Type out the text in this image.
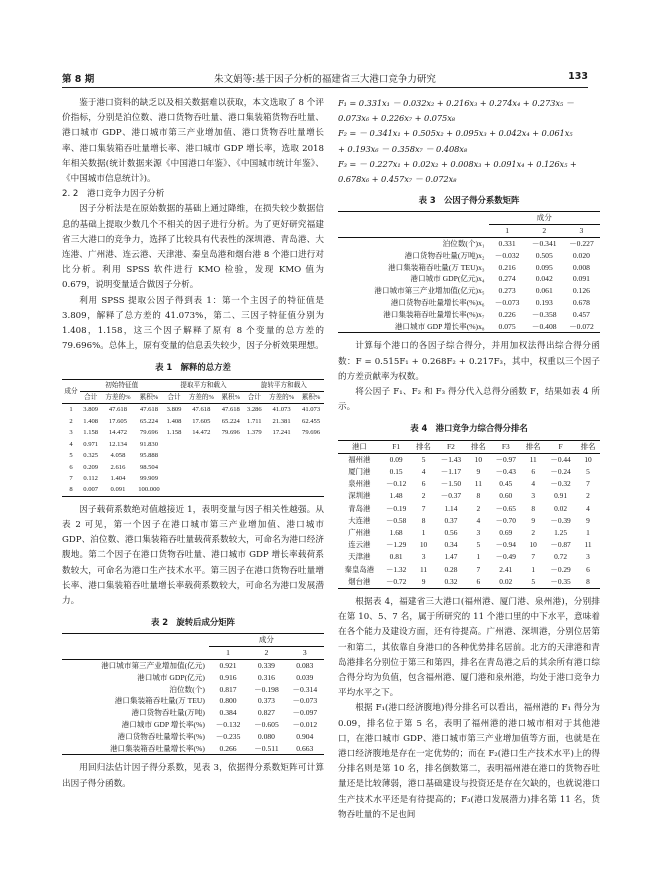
第 8 期	朱文娟等:基于因子分析的福建省三大港口竞争力研究	133

鉴于港口资料的缺乏以及相关数据难以获取，本文选取了 8 个评价指标，分别是泊位数、港口货物吞吐量、港口集装箱货物吞吐量、港口城市 GDP、港口城市第三产业增加值、港口货物吞吐量增长率、港口集装箱吞吐量增长率、港口城市 GDP 增长率，选取 2018 年相关数据(统计数据来源《中国港口年鉴》、《中国城市统计年鉴》、《中国城市信息统计》)。

2. 2　港口竞争力因子分析

因子分析法是在原始数据的基础上通过降维，在损失较少数据信息的基础上提取少数几个不相关的因子进行分析。为了更好研究福建省三大港口的竞争力，选择了比较具有代表性的深圳港、青岛港、大连港、广州港、连云港、天津港、秦皇岛港和烟台港 8 个港口进行对比分析。利用 SPSS 软件进行 KMO 检验，发现 KMO 值为 0.679，说明变量适合做因子分析。

利用 SPSS 提取公因子得到表 1：第一个主因子的特征值是 3.809，解释了总方差的 41.073%，第二、三因子特征值分别为 1.408，1.158，这三个因子解释了原有 8 个变量的总方差的 79.696%。总体上，原有变量的信息丢失较少，因子分析效果理想。

表 1　解释的总方差
成分	初始特征值			提取平方和载入			旋转平方和载入		
	合计	方差的%	累积%	合计	方差的%	累积%	合计	方差的%	累积%
1	3.809	47.618	47.618	3.809	47.618	47.618	3.286	41.073	41.073
2	1.408	17.605	65.224	1.408	17.605	65.224	1.711	21.381	62.455
3	1.158	14.472	79.696	1.158	14.472	79.696	1.379	17.241	79.696
4	0.971	12.134	91.830						
5	0.325	4.058	95.888						
6	0.209	2.616	98.504						
7	0.112	1.404	99.909						
8	0.007	0.091	100.000						

因子载荷系数绝对值越接近 1，表明变量与因子相关性越强。从表 2 可见，第一个因子在港口城市第三产业增加值、港口城市 GDP、泊位数、港口集装箱吞吐量载荷系数较大，可命名为港口经济腹地。第二个因子在港口货物吞吐量、港口城市 GDP 增长率载荷系数较大，可命名为港口生产技术水平。第三因子在港口货物吞吐量增长率、港口集装箱吞吐量增长率载荷系数较大，可命名为港口发展潜力。

表 2　旋转后成分矩阵
	成分		
	1	2	3
港口城市第三产业增加值(亿元)	0.921	0.339	0.083
港口城市 GDP(亿元)	0.916	0.316	0.039
泊位数(个)	0.817	－0.198	－0.314
港口集装箱吞吐量(万 TEU)	0.800	0.373	－0.073
港口货物吞吐量(万吨)	0.384	0.827	－0.097
港口城市 GDP 增长率(%)	－0.132	－0.605	－0.012
港口货物吞吐量增长率(%)	－0.235	0.080	0.904
港口集装箱吞吐量增长率(%)	0.266	－0.511	0.663

用回归法估计因子得分系数，见表 3，依据得分系数矩阵可计算出因子得分函数。

F₁ = 0.331x₁ － 0.032x₂ + 0.216x₃ + 0.274x₄ + 0.273x₅ －
0.073x₆ + 0.226x₇ + 0.075x₈

F₂ = － 0.341x₁ + 0.505x₂ + 0.095x₃ + 0.042x₄ + 0.061x₅
+ 0.193x₆ － 0.358x₇ － 0.408x₈

F₃ = － 0.227x₁ + 0.02x₂ + 0.008x₃ + 0.091x₄ + 0.126x₅ +
0.678x₆ + 0.457x₇ － 0.072x₈

表 3　公因子得分系数矩阵
	成分		
	1	2	3
泊位数(个)x₁	0.331	－0.341	－0.227
港口货物吞吐量(万吨)x₂	－0.032	0.505	0.020
港口集装箱吞吐量(万 TEU)x₃	0.216	0.095	0.008
港口城市 GDP(亿元)x₄	0.274	0.042	0.091
港口城市第三产业增加值(亿元)x₅	0.273	0.061	0.126
港口货物吞吐量增长率(%)x₆	－0.073	0.193	0.678
港口集装箱吞吐量增长率(%)x₇	0.226	－0.358	0.457
港口城市 GDP 增长率(%)x₈	0.075	－0.408	－0.072

计算每个港口的各因子综合得分，并用加权法得出综合得分函数：F = 0.515F₁ + 0.268F₂ + 0.217F₃，其中，权重以三个因子的方差贡献率为权数。

将公因子 F₁、F₂ 和 F₃ 得分代入总得分函数 F，结果如表 4 所示。

表 4　港口竞争力综合得分排名
港口	F1	排名	F2	排名	F3	排名	F	排名
福州港	0.09	5	－1.43	10	－0.97	11	－0.44	10
厦门港	0.15	4	－1.17	9	－0.43	6	－0.24	5
泉州港	－0.12	6	－1.50	11	0.45	4	－0.32	7
深圳港	1.48	2	－0.37	8	0.60	3	0.91	2
青岛港	－0.19	7	1.14	2	－0.65	8	0.02	4
大连港	－0.58	8	0.37	4	－0.70	9	－0.39	9
广州港	1.68	1	0.56	3	0.69	2	1.25	1
连云港	－1.29	10	0.34	5	－0.94	10	－0.87	11
天津港	0.81	3	1.47	1	－0.49	7	0.72	3
秦皇岛港	－1.32	11	0.28	7	2.41	1	－0.29	6
烟台港	－0.72	9	0.32	6	0.02	5	－0.35	8

根据表 4，福建省三大港口(福州港、厦门港、泉州港)，分别排在第 10、5、7 名，属于所研究的 11 个港口里的中下水平，意味着在各个能力及建设方面，还有待提高。广州港、深圳港，分别位居第一和第二，其依靠自身港口的各种优势排名居前。北方的天津港和青岛港排名分别位于第三和第四，排名在青岛港之后的其余所有港口综合得分均为负值，包含福州港、厦门港和泉州港，均处于港口竞争力平均水平之下。

根据 F₁(港口经济腹地)得分排名可以看出，福州港的 F₁ 得分为 0.09，排名位于第 5 名，表明了福州港的港口城市相对于其他港口，在港口城市 GDP、港口城市第三产业增加值等方面，也就是在港口经济腹地是存在一定优势的；而在 F₂(港口生产技术水平)上的得分排名则是第 10 名，排名倒数第二，表明福州港在港口的货物吞吐量还是比较薄弱，港口基础建设与投资还是存在欠缺的，也就说港口生产技术水平还是有待提高的；F₃(港口发展潜力)排名第 11 名，货物吞吐量的不足也间
